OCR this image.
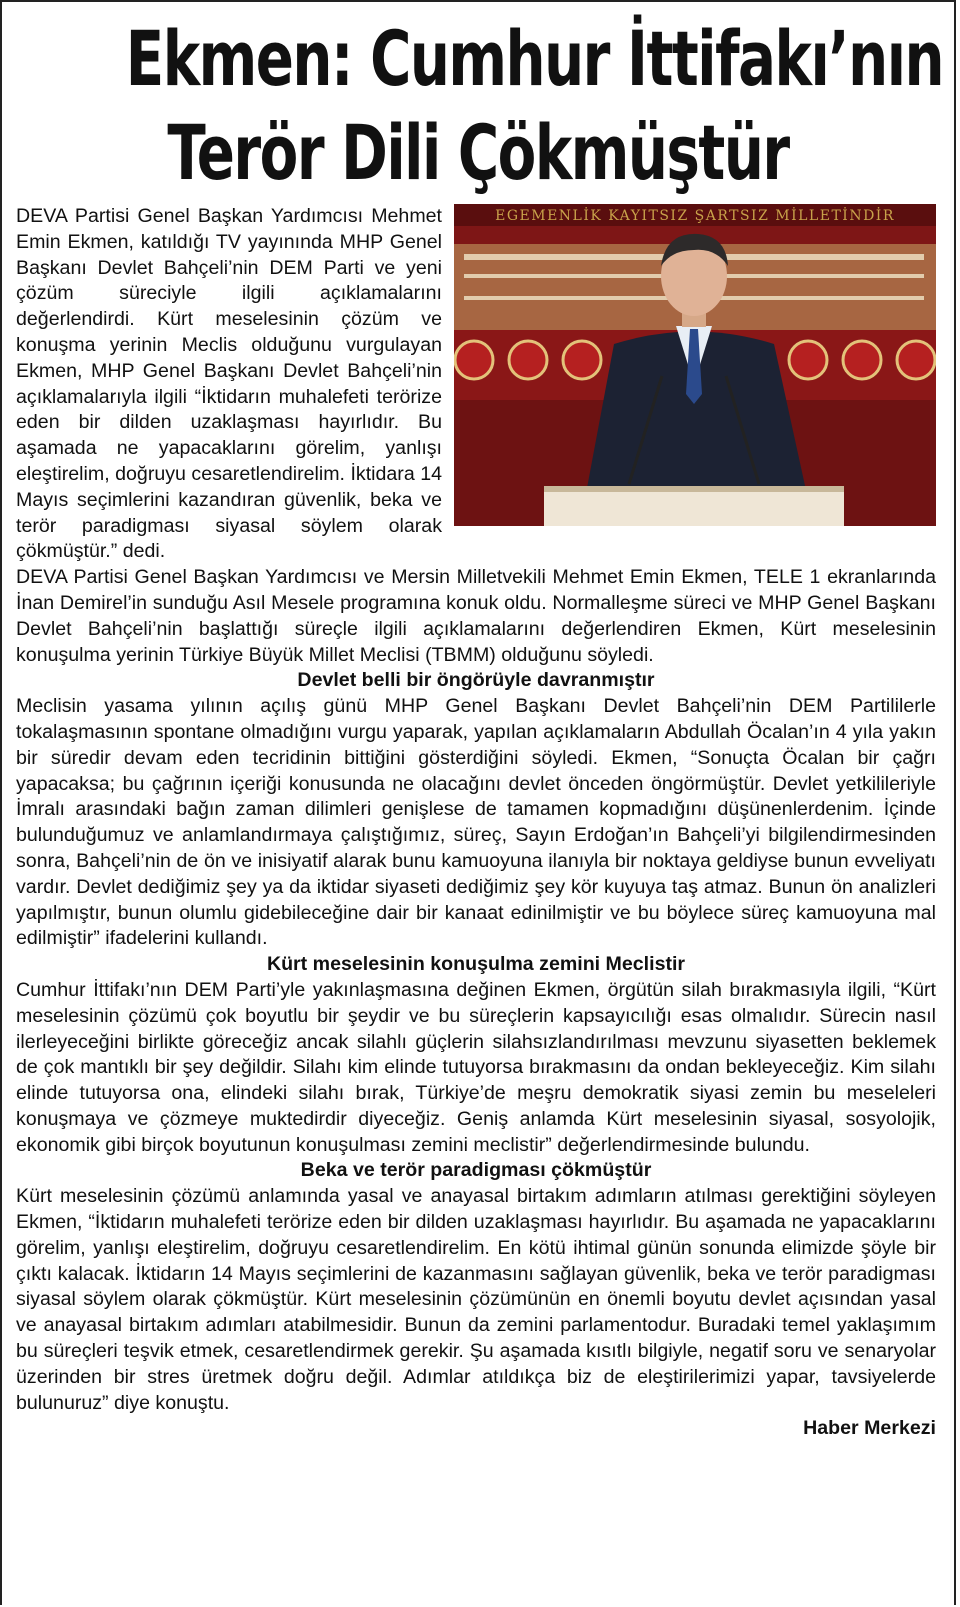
Ekmen: Cumhur İttifakı’nın
Terör Dili Çökmüştür
EGEMENLİK KAYITSIZ ŞARTSIZ MİLLETİNDİR

DEVA Partisi Genel Başkan Yardımcısı Mehmet Emin Ekmen, katıldığı TV yayınında MHP Genel Başkanı Devlet Bahçeli’nin DEM Parti ve yeni çözüm süreciyle ilgili açıklamalarını değerlendirdi. Kürt meselesinin çözüm ve konuşma yerinin Meclis olduğunu vurgulayan Ekmen, MHP Genel Başkanı Devlet Bahçeli’nin açıklamalarıyla ilgili “İktidarın muhalefeti terörize eden bir dilden uzaklaşması hayırlıdır. Bu aşamada ne yapacaklarını görelim, yanlışı eleştirelim, doğruyu cesaretlendirelim. İktidara 14 Mayıs seçimlerini kazandıran güvenlik, beka ve terör paradigması siyasal söylem olarak çökmüştür.” dedi.

DEVA Partisi Genel Başkan Yardımcısı ve Mersin Milletvekili Mehmet Emin Ekmen, TELE 1 ekranlarında İnan Demirel’in sunduğu Asıl Mesele programına konuk oldu. Normalleşme süreci ve MHP Genel Başkanı Devlet Bahçeli’nin başlattığı süreçle ilgili açıklamalarını değerlendiren Ekmen, Kürt meselesinin konuşulma yerinin Türkiye Büyük Millet Meclisi (TBMM) olduğunu söyledi.

Devlet belli bir öngörüyle davranmıştır

Meclisin yasama yılının açılış günü MHP Genel Başkanı Devlet Bahçeli’nin DEM Partililerle tokalaşmasının spontane olmadığını vurgu yaparak, yapılan açıklamaların Abdullah Öcalan’ın 4 yıla yakın bir süredir devam eden tecridinin bittiğini gösterdiğini söyledi. Ekmen, “Sonuçta Öcalan bir çağrı yapacaksa; bu çağrının içeriği konusunda ne olacağını devlet önceden öngörmüştür. Devlet yetkilileriyle İmralı arasındaki bağın zaman dilimleri genişlese de tamamen kopmadığını düşünenlerdenim. İçinde bulunduğumuz ve anlamlandırmaya çalıştığımız, süreç, Sayın Erdoğan’ın Bahçeli’yi bilgilendirmesinden sonra, Bahçeli’nin de ön ve inisiyatif alarak bunu kamuoyuna ilanıyla bir noktaya geldiyse bunun evveliyatı vardır. Devlet dediğimiz şey ya da iktidar siyaseti dediğimiz şey kör kuyuya taş atmaz. Bunun ön analizleri yapılmıştır, bunun olumlu gidebileceğine dair bir kanaat edinilmiştir ve bu böylece süreç kamuoyuna mal edilmiştir” ifadelerini kullandı.

Kürt meselesinin konuşulma zemini Meclistir

Cumhur İttifakı’nın DEM Parti’yle yakınlaşmasına değinen Ekmen, örgütün silah bırakmasıyla ilgili, “Kürt meselesinin çözümü çok boyutlu bir şeydir ve bu süreçlerin kapsayıcılığı esas olmalıdır. Sürecin nasıl ilerleyeceğini birlikte göreceğiz ancak silahlı güçlerin silahsızlandırılması mevzunu siyasetten beklemek de çok mantıklı bir şey değildir. Silahı kim elinde tutuyorsa bırakmasını da ondan bekleyeceğiz. Kim silahı elinde tutuyorsa ona, elindeki silahı bırak, Türkiye’de meşru demokratik siyasi zemin bu meseleleri konuşmaya ve çözmeye muktedirdir diyeceğiz. Geniş anlamda Kürt meselesinin siyasal, sosyolojik, ekonomik gibi birçok boyutunun konuşulması zemini meclistir” değerlendirmesinde bulundu.

Beka ve terör paradigması çökmüştür

Kürt meselesinin çözümü anlamında yasal ve anayasal birtakım adımların atılması gerektiğini söyleyen Ekmen, “İktidarın muhalefeti terörize eden bir dilden uzaklaşması hayırlıdır. Bu aşamada ne yapacaklarını görelim, yanlışı eleştirelim, doğruyu cesaretlendirelim. En kötü ihtimal günün sonunda elimizde şöyle bir çıktı kalacak. İktidarın 14 Mayıs seçimlerini de kazanmasını sağlayan güvenlik, beka ve terör paradigması siyasal söylem olarak çökmüştür. Kürt meselesinin çözümünün en önemli boyutu devlet açısından yasal ve anayasal birtakım adımları atabilmesidir. Bunun da zemini parlamentodur. Buradaki temel yaklaşımım bu süreçleri teşvik etmek, cesaretlendirmek gerekir. Şu aşamada kısıtlı bilgiyle, negatif soru ve senaryolar üzerinden bir stres üretmek doğru değil. Adımlar atıldıkça biz de eleştirilerimizi yapar, tavsiyelerde bulunuruz” diye konuştu.

Haber Merkezi
